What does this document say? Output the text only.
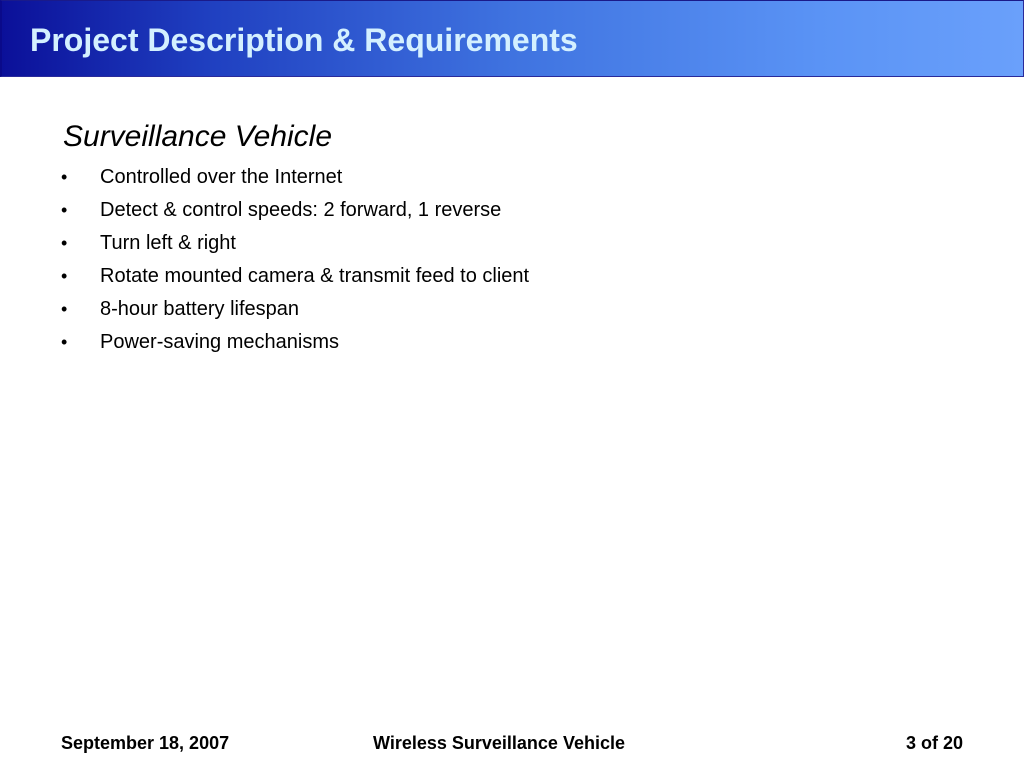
Project Description & Requirements
Surveillance Vehicle
• Controlled over the Internet
• Detect & control speeds: 2 forward, 1 reverse
• Turn left & right
• Rotate mounted camera & transmit feed to client
• 8-hour battery lifespan
• Power-saving mechanisms
September 18, 2007	Wireless Surveillance Vehicle	3 of 20
